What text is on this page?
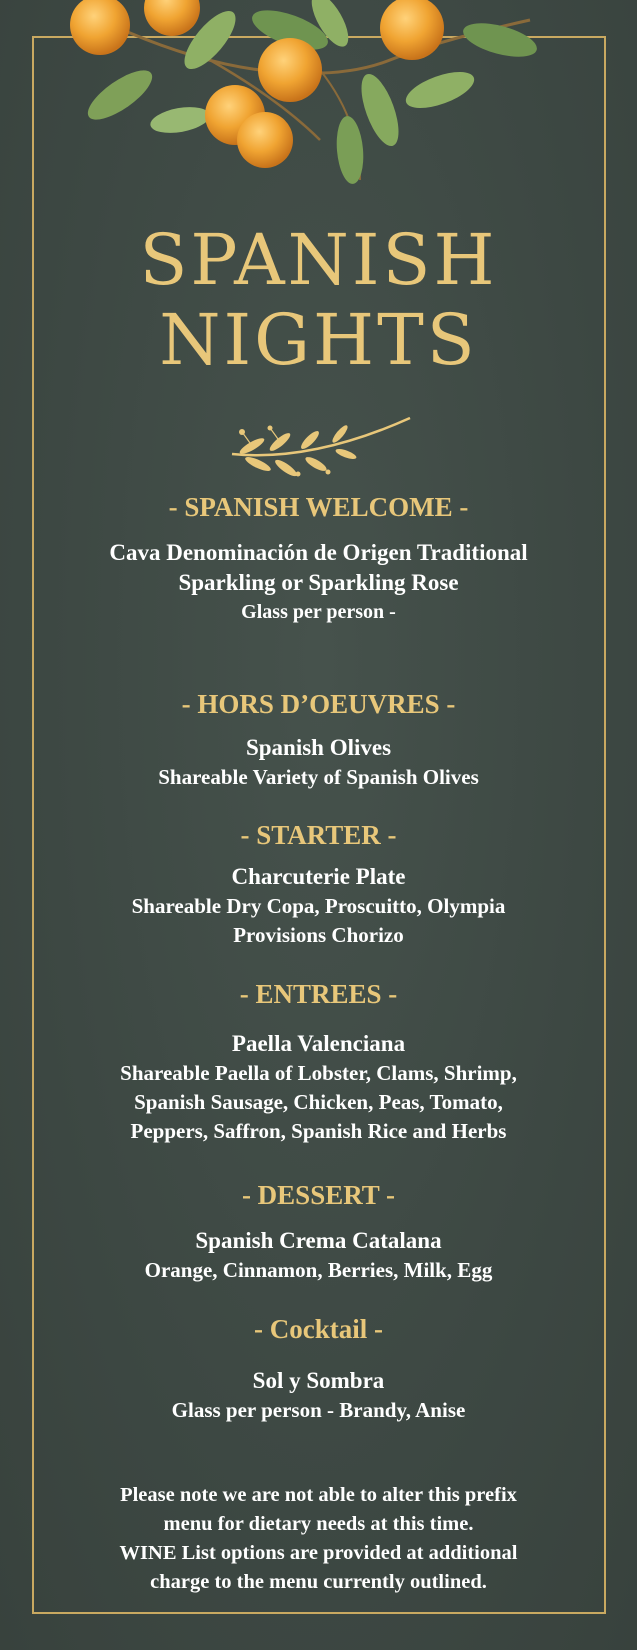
SPANISH
NIGHTS

- SPANISH WELCOME -

Cava Denominación de Origen Traditional

Sparkling or Sparkling Rose

Glass per person -

- HORS D’OEUVRES -

Spanish Olives

Shareable Variety of Spanish Olives

- STARTER -

Charcuterie Plate

Shareable Dry Copa, Proscuitto, Olympia

Provisions Chorizo

- ENTREES -

Paella Valenciana

Shareable Paella of Lobster, Clams, Shrimp,

Spanish Sausage, Chicken, Peas, Tomato,

Peppers, Saffron, Spanish Rice and Herbs

- DESSERT -

Spanish Crema Catalana

Orange, Cinnamon, Berries, Milk, Egg

- Cocktail -

Sol y Sombra

Glass per person - Brandy, Anise

Please note we are not able to alter this prefix

menu for dietary needs at this time.

WINE List options are provided at additional

charge to the menu currently outlined.
